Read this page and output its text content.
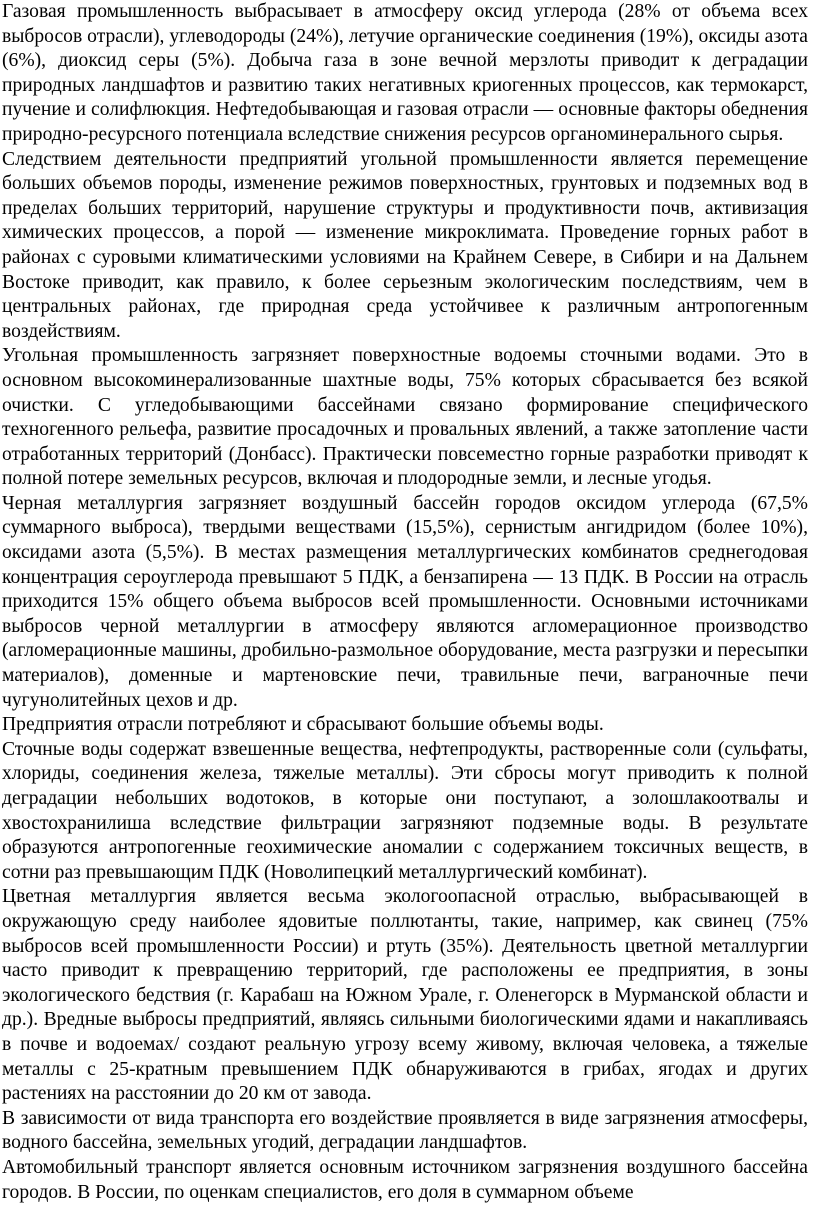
Газовая промышленность выбрасывает в атмосферу оксид углерода (28% от объема всех выбросов отрасли), углеводороды (24%), летучие органические соединения (19%), оксиды азота (6%), диоксид серы (5%). Добыча газа в зоне вечной мерзлоты приводит к деградации природных ландшафтов и развитию таких негативных криогенных процессов, как термокарст, пучение и солифлюкция. Нефтедобывающая и газовая отрасли — основные факторы обеднения природно-ресурсного потенциала вследствие снижения ресурсов органоминерального сырья.

Следствием деятельности предприятий угольной промышленности является перемещение больших объемов породы, изменение режимов поверхностных, грунтовых и подземных вод в пределах больших территорий, нарушение структуры и продуктивности почв, активизация химических процессов, а порой — изменение микроклимата. Проведение горных работ в районах с суровыми климатическими условиями на Крайнем Севере, в Сибири и на Дальнем Востоке приводит, как правило, к более серьезным экологическим последствиям, чем в центральных районах, где природная среда устойчивее к различным антропогенным воздействиям.

Угольная промышленность загрязняет поверхностные водоемы сточными водами. Это в основном высокоминерализованные шахтные воды, 75% которых сбрасывается без всякой очистки. С угледобывающими бассейнами связано формирование специфического техногенного рельефа, развитие просадочных и провальных явлений, а также затопление части отработанных территорий (Донбасс). Практически повсеместно горные разработки приводят к полной потере земельных ресурсов, включая и плодородные земли, и лесные угодья.

Черная металлургия загрязняет воздушный бассейн городов оксидом углерода (67,5% суммарного выброса), твердыми веществами (15,5%), сернистым ангидридом (более 10%), оксидами азота (5,5%). В местах размещения металлургических комбинатов среднегодовая концентрация сероуглерода превышают 5 ПДК, а бензапирена — 13 ПДК. В России на отрасль приходится 15% общего объема выбросов всей промышленности. Основными источниками выбросов черной металлургии в атмосферу являются агломерационное производство (агломерационные машины, дробильно-размольное оборудование, места разгрузки и пересыпки материалов), доменные и мартеновские печи, травильные печи, ваграночные печи чугунолитейных цехов и др.

Предприятия отрасли потребляют и сбрасывают большие объемы воды.

Сточные воды содержат взвешенные вещества, нефтепродукты, растворенные соли (сульфаты, хлориды, соединения железа, тяжелые металлы). Эти сбросы могут приводить к полной деградации небольших водотоков, в которые они поступают, а золошлакоотвалы и хвостохранилиша вследствие фильтрации загрязняют подземные воды. В результате образуются антропогенные геохимические аномалии с содержанием токсичных веществ, в сотни раз превышающим ПДК (Новолипецкий металлургический комбинат).

Цветная металлургия является весьма экологоопасной отраслью, выбрасывающей в окружающую среду наиболее ядовитые поллютанты, такие, например, как свинец (75% выбросов всей промышленности России) и ртуть (35%). Деятельность цветной металлургии часто приводит к превращению территорий, где расположены ее предприятия, в зоны экологического бедствия (г. Карабаш на Южном Урале, г. Оленегорск в Мурманской области и др.). Вредные выбросы предприятий, являясь сильными биологическими ядами и накапливаясь в почве и водоемах/ создают реальную угрозу всему живому, включая человека, а тяжелые металлы с 25-кратным превышением ПДК обнаруживаются в грибах, ягодах и других растениях на расстоянии до 20 км от завода.

В зависимости от вида транспорта его воздействие проявляется в виде загрязнения атмосферы, водного бассейна, земельных угодий, деградации ландшафтов.

Автомобильный транспорт является основным источником загрязнения воздушного бассейна городов. В России, по оценкам специалистов, его доля в суммарном объеме
